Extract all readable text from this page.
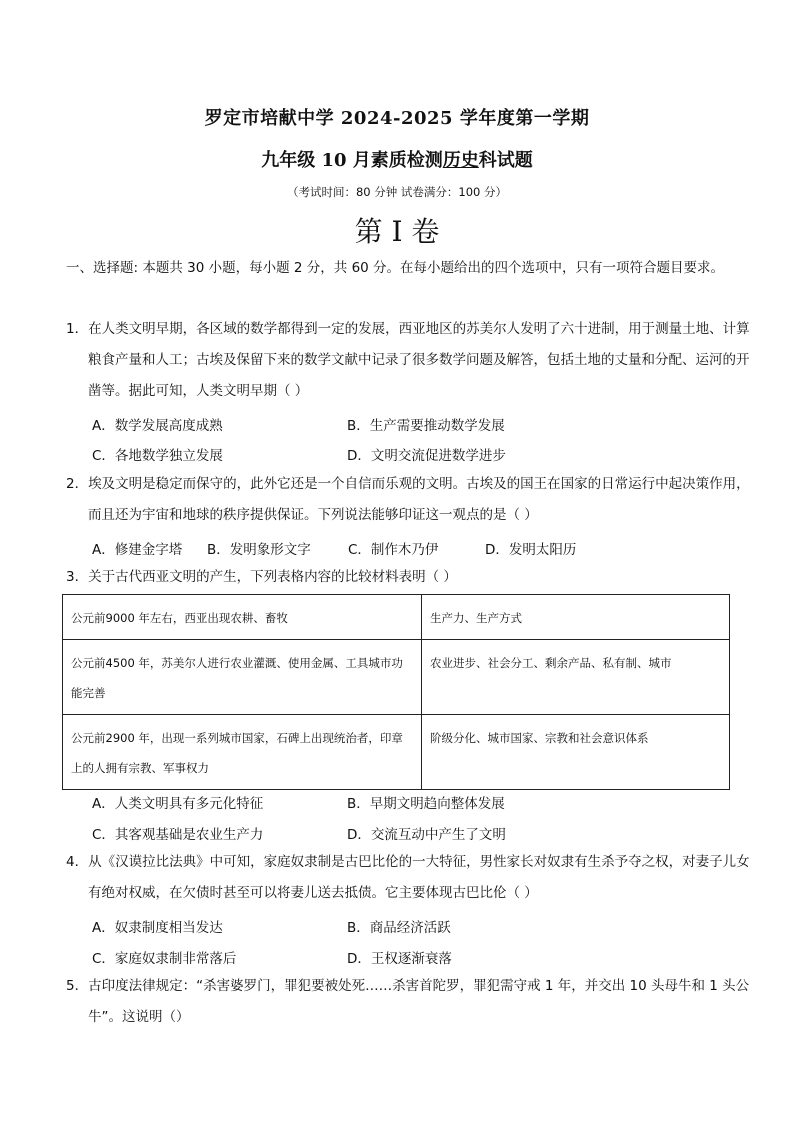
罗定市培献中学 2024-2025 学年度第一学期
九年级 10 月素质检测历史科试题
（考试时间：80 分钟 试卷满分：100 分）
第 I 卷
一、选择题: 本题共 30 小题，每小题 2 分，共 60 分。在每小题给出的四个选项中，只有一项符合题目要求。
1．在人类文明早期，各区域的数学都得到一定的发展，西亚地区的苏美尔人发明了六十进制，用于测量土地、计算粮食产量和人工；古埃及保留下来的数学文献中记录了很多数学问题及解答，包括土地的丈量和分配、运河的开凿等。据此可知，人类文明早期（ ）
A．数学发展高度成熟	B．生产需要推动数学发展
C．各地数学独立发展	D．文明交流促进数学进步
2．埃及文明是稳定而保守的，此外它还是一个自信而乐观的文明。古埃及的国王在国家的日常运行中起决策作用，而且还为宇宙和地球的秩序提供保证。下列说法能够印证这一观点的是（ ）
A．修建金字塔 B．发明象形文字	C．制作木乃伊	D．发明太阳历
3．关于古代西亚文明的产生，下列表格内容的比较材料表明（ ）
公元前9000 年左右，西亚出现农耕、畜牧	生产力、生产方式
公元前4500 年，苏美尔人进行农业灌溉、使用金属、工具城市功能完善	农业进步、社会分工、剩余产品、私有制、城市
公元前2900 年，出现一系列城市国家，石碑上出现统治者，印章上的人拥有宗教、军事权力	阶级分化、城市国家、宗教和社会意识体系
A．人类文明具有多元化特征	B．早期文明趋向整体发展
C．其客观基础是农业生产力	D．交流互动中产生了文明
4．从《汉谟拉比法典》中可知，家庭奴隶制是古巴比伦的一大特征，男性家长对奴隶有生杀予夺之权，对妻子儿女有绝对权威，在欠债时甚至可以将妻儿送去抵债。它主要体现古巴比伦（ ）
A．奴隶制度相当发达	B．商品经济活跃
C．家庭奴隶制非常落后	D．王权逐渐衰落
5．古印度法律规定：“杀害婆罗门，罪犯要被处死……杀害首陀罗，罪犯需守戒 1 年，并交出 10 头母牛和 1 头公牛”。这说明（）
